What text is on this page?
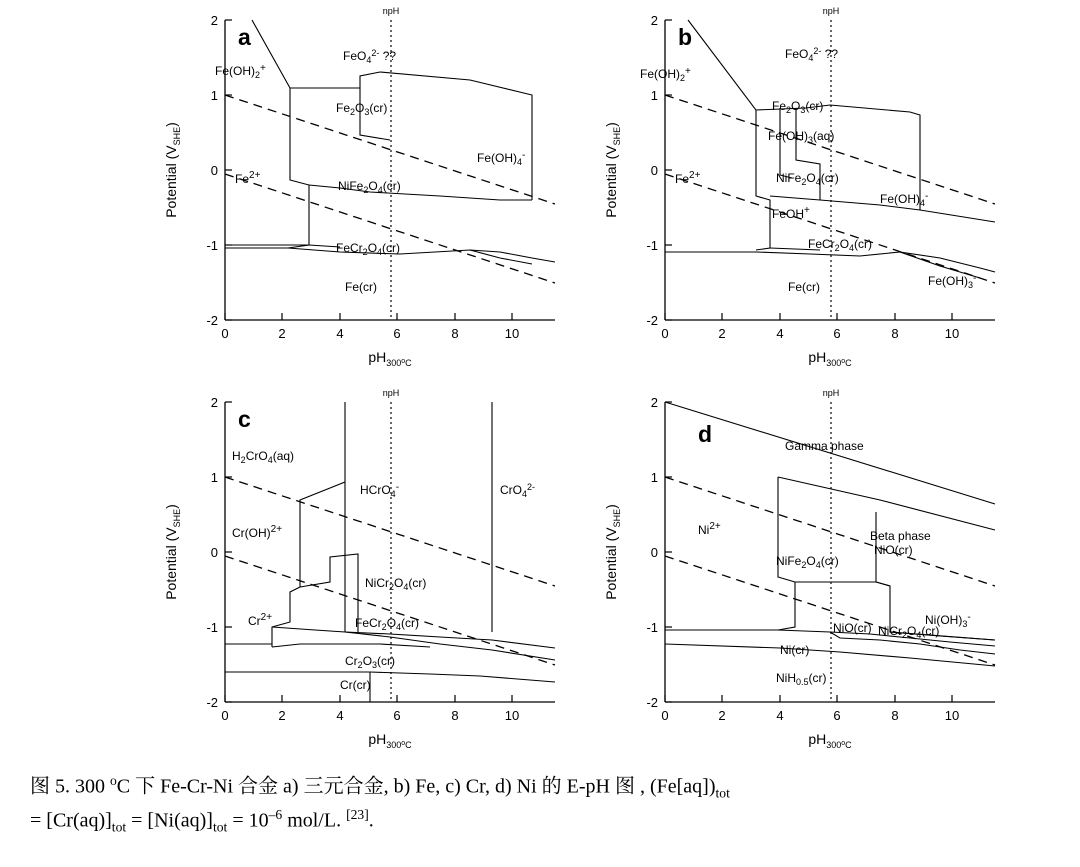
2
1
0
-1
-2
0	2	4	6	8	10
Potential $(V_{SHE})$
$pH_{300}^o_C$
npH
a
$Fe(OH)_2^+$
FeO$_4^{2-}$ ??
$Fe_2O_3(cr)$
$Fe(OH)_4^-$
$Fe^{2+}$
$NiFe_2O_4(cr)$
$FeCr_2O_4(cr)$
Fe(cr)
2
1
0
-1
-2
0	2	4	6	8	10
Potential $(V_{SHE})$
$pH_{300}^o_C$
npH
b
$Fe(OH)_2^+$
FeO$_4^{2-}$ ??
$Fe_2O_3(cr)$
$Fe(OH)_3(aq)$
$NiFe_2O_4(cr)$
$Fe^{2+}$
$Fe(OH)_4^-$
FeOH+
$FeCr_2O_4(cr)$
$Fe(OH)_3^-$
Fe(cr)
2
1
0
-1
-2
0	2	4	6	8	10
Potential $(V_{SHE})$
$pH_{300}^o_C$
npH
c
$H_2CrO_4(aq)$
HCrO$_4$-	CrO$_4^{2-}$
Cr(OH)$^{2+}$
$NiCr_2O_4(cr)$
$Cr^{2+}$	$FeCr_2O_4(cr)$
$Cr_2O_3(cr)$
Cr(cr)
2
1
0
-1
-2
0	2	4	6	8	10
Potential $(V_{SHE})$
$pH_{300}^o_C$
npH
d	Gamma phase
$Ni^{2+}$
Beta phase
NiO(cr)
$NiFe_2O_4(cr)$
$Ni(OH)_3^-$
NiO(cr) $NiCr_2O_4(cr)$
Ni(cr)
NiH$_{0.5}$(cr)
图 5. 300 $^o$C 下 Fe-Cr-Ni 合金 a) 三元合金, b) Fe, c) Cr, d) Ni 的 E-pH 图 , $(Fe[aq])_{tot}$
= $[Cr(aq)]_{tot} = [Ni(aq)]_{tot} = 10^{-6}$ mol/L. [23].
